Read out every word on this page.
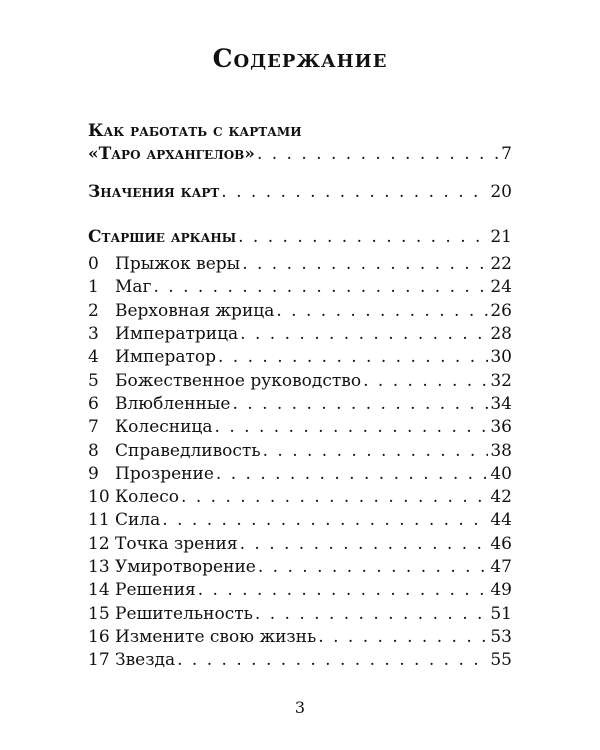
Содержание
Как работать с картами
«Таро архангелов» . . .	7
Значения карт . . .	20
Старшие арканы . . .	21
0 Прыжок веры . . .	22
1 Маг . . .	24
2 Верховная жрица . . .	26
3 Императрица . . .	28
4 Император . . .	30
5 Божественное руководство . . .	32
6 Влюбленные . . .	34
7 Колесница . . .	36
8 Справедливость . . .	38
9 Прозрение . . .	40
10 Колесо . . .	42
11 Сила . . .	44
12 Точка зрения . . .	46
13 Умиротворение . . .	47
14 Решения . . .	49
15 Решительность . . .	51
16 Измените свою жизнь . . .	53
17 Звезда . . .	55
3
